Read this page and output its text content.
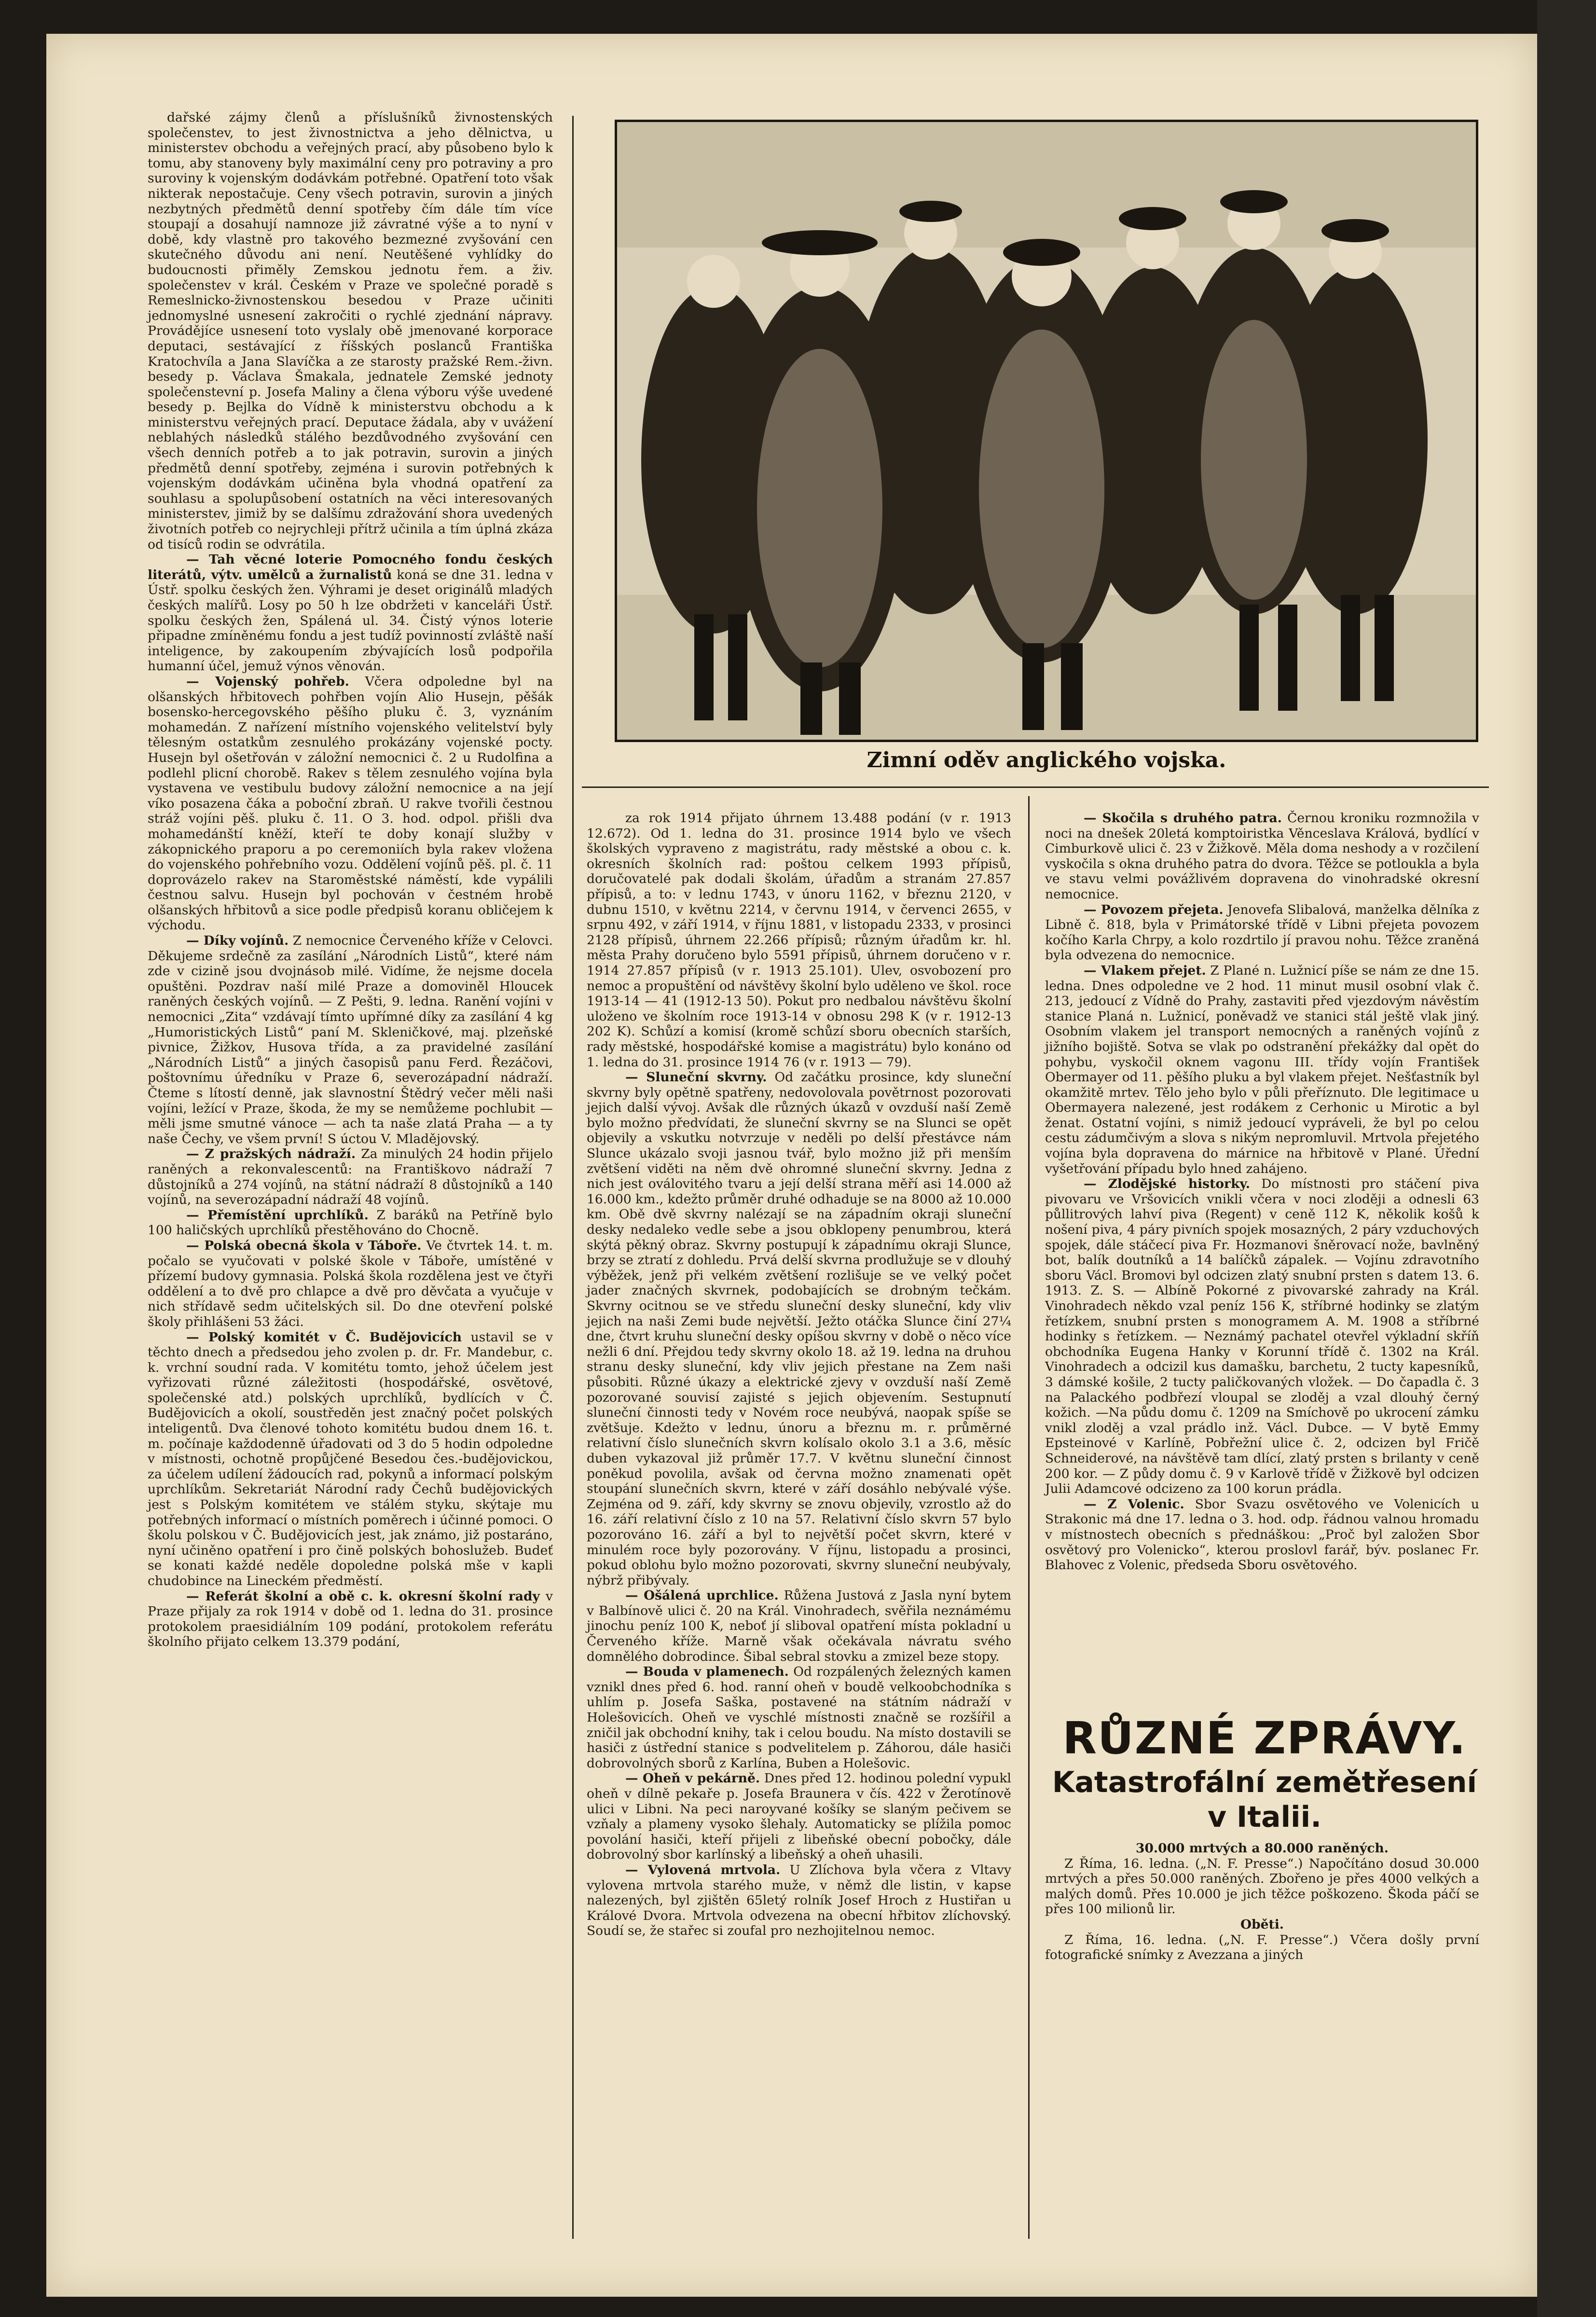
dařské zájmy členů a příslušníků živnostenských společenstev, to jest živnostnictva a jeho dělnictva, u ministerstev obchodu a veřejných prací, aby působeno bylo k tomu, aby stanoveny byly maximální ceny pro potraviny a pro suroviny k vojenským dodávkám potřebné. Opatření toto však nikterak nepostačuje. Ceny všech potravin, surovin a jiných nezbytných předmětů denní spotřeby čím dále tím více stoupají a dosahují namnoze již závratné výše a to nyní v době, kdy vlastně pro takového bezmezné zvyšování cen skutečného důvodu ani není. Neutěšené vyhlídky do budoucnosti přiměly Zemskou jednotu řem. a živ. společenstev v král. Českém v Praze ve společné poradě s Remeslnicko-živnostenskou besedou v Praze učiniti jednomyslné usnesení zakročiti o rychlé zjednání nápravy. Provádějíce usnesení toto vyslaly obě jmenované korporace deputaci, sestávající z říšských poslanců Františka Kratochvíla a Jana Slavíčka a ze starosty pražské Rem.-živn. besedy p. Václava Šmakala, jednatele Zemské jednoty společenstevní p. Josefa Maliny a člena výboru výše uvedené besedy p. Bejlka do Vídně k ministerstvu obchodu a k ministerstvu veřejných prací. Deputace žádala, aby v uvážení neblahých následků stálého bezdůvodného zvyšování cen všech denních potřeb a to jak potravin, surovin a jiných předmětů denní spotřeby, zejména i surovin potřebných k vojenským dodávkám učiněna byla vhodná opatření za souhlasu a spolupůsobení ostatních na věci interesovaných ministerstev, jimiž by se dalšímu zdražování shora uvedených životních potřeb co nejrychleji přítrž učinila a tím úplná zkáza od tisíců rodin se odvrátila.

— Tah věcné loterie Pomocného fondu českých literátů, výtv. umělců a žurnalistů koná se dne 31. ledna v Ústř. spolku českých žen. Výhrami je deset originálů mladých českých malířů. Losy po 50 h lze obdržeti v kanceláři Ústř. spolku českých žen, Spálená ul. 34. Čistý výnos loterie připadne zmíněnému fondu a jest tudíž povinností zvláště naší inteligence, by zakoupením zbývajících losů podpořila humanní účel, jemuž výnos věnován.

— Vojenský pohřeb. Včera odpoledne byl na olšanských hřbitovech pohřben vojín Alio Husejn, pěšák bosensko-hercegovského pěšího pluku č. 3, vyznáním mohamedán. Z nařízení místního vojenského velitelství byly tělesným ostatkům zesnulého prokázány vojenské pocty. Husejn byl ošetřován v záložní nemocnici č. 2 u Rudolfina a podlehl plicní chorobě. Rakev s tělem zesnulého vojína byla vystavena ve vestibulu budovy záložní nemocnice a na její víko posazena čáka a poboční zbraň. U rakve tvořili čestnou stráž vojíni pěš. pluku č. 11. O 3. hod. odpol. přišli dva mohamedánští kněží, kteří te doby konají služby v zákopnického praporu a po ceremoniích byla rakev vložena do vojenského pohřebního vozu. Oddělení vojínů pěš. pl. č. 11 doprovázelo rakev na Staroměstské náměstí, kde vypálili čestnou salvu. Husejn byl pochován v čestném hrobě olšanských hřbitovů a sice podle předpisů koranu obličejem k východu.

— Díky vojínů. Z nemocnice Červeného kříže v Celovci. Děkujeme srdečně za zasílání „Národních Listů“, které nám zde v cizině jsou dvojnásob milé. Vidíme, že nejsme docela opuštěni. Pozdrav naší milé Praze a domoviněl Hloucek raněných českých vojínů. — Z Pešti, 9. ledna. Ranění vojíni v nemocnici „Zita“ vzdávají tímto upřímné díky za zasílání 4 kg „Humoristických Listů“ paní M. Skleničkové, maj. plzeňské pivnice, Žižkov, Husova třída, a za pravidelné zasílání „Národních Listů“ a jiných časopisů panu Ferd. Řezáčovi, poštovnímu úředníku v Praze 6, severozápadní nádraží. Čteme s lítostí denně, jak slavnostní Štědrý večer měli naši vojíni, ležící v Praze, škoda, že my se nemůžeme pochlubit — měli jsme smutné vánoce — ach ta naše zlatá Praha — a ty naše Čechy, ve všem první! S úctou V. Mladějovský.

— Z pražských nádraží. Za minulých 24 hodin přijelo raněných a rekonvalescentů: na Františkovo nádraží 7 důstojníků a 274 vojínů, na státní nádraží 8 důstojníků a 140 vojínů, na severozápadní nádraží 48 vojínů.

— Přemístění uprchlíků. Z baráků na Petříně bylo 100 haličských uprchlíků přestěhováno do Chocně.

— Polská obecná škola v Táboře. Ve čtvrtek 14. t. m. počalo se vyučovati v polské škole v Táboře, umístěné v přízemí budovy gymnasia. Polská škola rozdělena jest ve čtyři oddělení a to dvě pro chlapce a dvě pro děvčata a vyučuje v nich střídavě sedm učitelských sil. Do dne otevření polské školy přihlášeni 53 žáci.

— Polský komitét v Č. Budějovicích ustavil se v těchto dnech a předsedou jeho zvolen p. dr. Fr. Mandebur, c. k. vrchní soudní rada. V komitétu tomto, jehož účelem jest vyřizovati různé záležitosti (hospodářské, osvětové, společenské atd.) polských uprchlíků, bydlících v Č. Budějovicích a okolí, soustředěn jest značný počet polských inteligentů. Dva členové tohoto komitétu budou dnem 16. t. m. počínaje každodenně úřadovati od 3 do 5 hodin odpoledne v místnosti, ochotně propůjčené Besedou čes.-budějovickou, za účelem udílení žádoucích rad, pokynů a informací polským uprchlíkům. Sekretariát Národní rady Čechů budějovických jest s Polským komitétem ve stálém styku, skýtaje mu potřebných informací o místních poměrech i účinné pomoci. O školu polskou v Č. Budějovicích jest, jak známo, již postaráno, nyní učiněno opatření i pro čině polských bohoslužeb. Budeť se konati každé neděle dopoledne polská mše v kapli chudobince na Lineckém předměstí.

— Referát školní a obě c. k. okresní školní rady v Praze přijaly za rok 1914 v době od 1. ledna do 31. prosince protokolem praesidiálním 109 podání, protokolem referátu školního přijato celkem 13.379 podání,

Zimní oděv anglického vojska.

za rok 1914 přijato úhrnem 13.488 podání (v r. 1913 12.672). Od 1. ledna do 31. prosince 1914 bylo ve všech školských vypraveno z magistrátu, rady městské a obou c. k. okresních školních rad: poštou celkem 1993 přípisů, doručovatelé pak dodali školám, úřadům a stranám 27.857 přípisů, a to: v lednu 1743, v únoru 1162, v březnu 2120, v dubnu 1510, v květnu 2214, v červnu 1914, v červenci 2655, v srpnu 492, v září 1914, v říjnu 1881, v listopadu 2333, v prosinci 2128 přípisů, úhrnem 22.266 přípisů; různým úřadům kr. hl. města Prahy doručeno bylo 5591 přípisů, úhrnem doručeno v r. 1914 27.857 přípisů (v r. 1913 25.101). Ulev, osvobození pro nemoc a propuštění od návštěvy školní bylo uděleno ve škol. roce 1913-14 — 41 (1912-13 50). Pokut pro nedbalou návštěvu školní uloženo ve školním roce 1913-14 v obnosu 298 K (v r. 1912-13 202 K). Schůzí a komisí (kromě schůzí sboru obecních starších, rady městské, hospodářské komise a magistrátu) bylo konáno od 1. ledna do 31. prosince 1914 76 (v r. 1913 — 79).

— Sluneční skvrny. Od začátku prosince, kdy sluneční skvrny byly opětně spatřeny, nedovolovala povětrnost pozorovati jejich další vývoj. Avšak dle různých úkazů v ovzduší naší Země bylo možno předvídati, že sluneční skvrny se na Slunci se opět objevily a vskutku notvrzuje v neděli po delší přestávce nám Slunce ukázalo svoji jasnou tvář, bylo možno již při menším zvětšení viděti na něm dvě ohromné sluneční skvrny. Jedna z nich jest oválovitého tvaru a její delší strana měří asi 14.000 až 16.000 km., kdežto průměr druhé odhaduje se na 8000 až 10.000 km. Obě dvě skvrny nalézají se na západním okraji sluneční desky nedaleko vedle sebe a jsou obklopeny penumbrou, která skýtá pěkný obraz. Skvrny postupují k západnímu okraji Slunce, brzy se ztratí z dohledu. Prvá delší skvrna prodlužuje se v dlouhý výběžek, jenž při velkém zvětšení rozlišuje se ve velký počet jader značných skvrnek, podobajících se drobným tečkám. Skvrny ocitnou se ve středu sluneční desky sluneční, kdy vliv jejich na naši Zemi bude největší. Ježto otáčka Slunce činí 27¼ dne, čtvrt kruhu sluneční desky opíšou skvrny v době o něco více nežli 6 dní. Přejdou tedy skvrny okolo 18. až 19. ledna na druhou stranu desky sluneční, kdy vliv jejich přestane na Zem naši působiti. Různé úkazy a elektrické zjevy v ovzduší naší Země pozorované souvisí zajisté s jejich objevením. Sestupnutí sluneční činnosti tedy v Novém roce neubývá, naopak spíše se zvětšuje. Kdežto v lednu, únoru a březnu m. r. průměrné relativní číslo slunečních skvrn kolísalo okolo 3.1 a 3.6, měsíc duben vykazoval již průměr 17.7. V květnu sluneční činnost poněkud povolila, avšak od června možno znamenati opět stoupání slunečních skvrn, které v září dosáhlo nebývalé výše. Zejména od 9. září, kdy skvrny se znovu objevily, vzrostlo až do 16. září relativní číslo z 10 na 57. Relativní číslo skvrn 57 bylo pozorováno 16. září a byl to největší počet skvrn, které v minulém roce byly pozorovány. V říjnu, listopadu a prosinci, pokud oblohu bylo možno pozorovati, skvrny sluneční neubývaly, nýbrž přibývaly.

— Ošálená uprchlice. Růžena Justová z Jasla nyní bytem v Balbínově ulici č. 20 na Král. Vinohradech, svěřila neznámému jinochu peníz 100 K, neboť jí sliboval opatření místa pokladní u Červeného kříže. Marně však očekávala návratu svého domnělého dobrodince. Šibal sebral stovku a zmizel beze stopy.

— Bouda v plamenech. Od rozpálených železných kamen vznikl dnes před 6. hod. ranní oheň v boudě velkoobchodníka s uhlím p. Josefa Saška, postavené na státním nádraží v Holešovicích. Oheň ve vyschlé místnosti značně se rozšířil a zničil jak obchodní knihy, tak i celou boudu. Na místo dostavili se hasiči z ústřední stanice s podvelitelem p. Záhorou, dále hasiči dobrovolných sborů z Karlína, Buben a Holešovic.

— Oheň v pekárně. Dnes před 12. hodinou polední vypukl oheň v dílně pekaře p. Josefa Braunera v čís. 422 v Žerotínově ulici v Libni. Na peci naroyvané košíky se slaným pečivem se vzňaly a plameny vysoko šlehaly. Automaticky se plížila pomoc povolání hasiči, kteří přijeli z libeňské obecní pobočky, dále dobrovolný sbor karlínský a libeňský a oheň uhasili.

— Vylovená mrtvola. U Zlíchova byla včera z Vltavy vylovena mrtvola starého muže, v němž dle listin, v kapse nalezených, byl zjištěn 65letý rolník Josef Hroch z Hustiřan u Králové Dvora. Mrtvola odvezena na obecní hřbitov zlíchovský. Soudí se, že stařec si zoufal pro nezhojitelnou nemoc.

— Skočila s druhého patra. Černou kroniku rozmnožila v noci na dnešek 20letá komptoiristka Věnceslava Králová, bydlící v Cimburkově ulici č. 23 v Žižkově. Měla doma neshody a v rozčilení vyskočila s okna druhého patra do dvora. Těžce se potloukla a byla ve stavu velmi povážlivém dopravena do vinohradské okresní nemocnice.

— Povozem přejeta. Jenovefa Slibalová, manželka dělníka z Libně č. 818, byla v Primátorské třídě v Libni přejeta povozem kočího Karla Chrpy, a kolo rozdrtilo jí pravou nohu. Těžce zraněná byla odvezena do nemocnice.

— Vlakem přejet. Z Plané n. Lužnicí píše se nám ze dne 15. ledna. Dnes odpoledne ve 2 hod. 11 minut musil osobní vlak č. 213, jedoucí z Vídně do Prahy, zastaviti před vjezdovým návěstím stanice Planá n. Lužnicí, poněvadž ve stanici stál ještě vlak jiný. Osobním vlakem jel transport nemocných a raněných vojínů z jižního bojiště. Sotva se vlak po odstranění překážky dal opět do pohybu, vyskočil oknem vagonu III. třídy vojín František Obermayer od 11. pěšího pluku a byl vlakem přejet. Nešťastník byl okamžitě mrtev. Tělo jeho bylo v půli přeříznuto. Dle legitimace u Obermayera nalezené, jest rodákem z Cerhonic u Mirotic a byl ženat. Ostatní vojíni, s nimiž jedoucí vypráveli, že byl po celou cestu zádumčivým a slova s nikým nepromluvil. Mrtvola přejetého vojína byla dopravena do márnice na hřbitově v Plané. Úřední vyšetřování případu bylo hned zahájeno.

— Zlodějské historky. Do místnosti pro stáčení piva pivovaru ve Vršovicích vnikli včera v noci zloději a odnesli 63 půllitrových lahví piva (Regent) v ceně 112 K, několik košů k nošení piva, 4 páry pivních spojek mosazných, 2 páry vzduchových spojek, dále stáčecí piva Fr. Hozmanovi šněrovací nože, bavlněný bot, balík doutníků a 14 balíčků zápalek. — Vojínu zdravotního sboru Václ. Bromovi byl odcizen zlatý snubní prsten s datem 13. 6. 1913. Z. S. — Albíně Pokorné z pivovarské zahrady na Král. Vinohradech někdo vzal peníz 156 K, stříbrné hodinky se zlatým řetízkem, snubní prsten s monogramem A. M. 1908 a stříbrné hodinky s řetízkem. — Neznámý pachatel otevřel výkladní skříň obchodníka Eugena Hanky v Korunní třídě č. 1302 na Král. Vinohradech a odcizil kus damašku, barchetu, 2 tucty kapesníků, 3 dámské košile, 2 tucty paličkovaných vložek. — Do čapadla č. 3 na Palackého podbřezí vloupal se zloděj a vzal dlouhý černý kožich. —Na půdu domu č. 1209 na Smíchově po ukrocení zámku vnikl zloděj a vzal prádlo inž. Václ. Dubce. — V bytě Emmy Epsteinové v Karlíně, Pobřežní ulice č. 2, odcizen byl Fričě Schneiderové, na návštěvě tam dlící, zlatý prsten s brilanty v ceně 200 kor. — Z půdy domu č. 9 v Karlově třídě v Žižkově byl odcizen Julii Adamcové odcizeno za 100 korun prádla.

— Z Volenic. Sbor Svazu osvětového ve Volenicích u Strakonic má dne 17. ledna o 3. hod. odp. řádnou valnou hromadu v místnostech obecních s přednáškou: „Proč byl založen Sbor osvětový pro Volenicko“, kterou proslovl farář, býv. poslanec Fr. Blahovec z Volenic, předseda Sboru osvětového.

RŮZNÉ ZPRÁVY.
Katastrofální zemětřesení v Italii.

30.000 mrtvých a 80.000 raněných.

Z Říma, 16. ledna. („N. F. Presse“.) Napočítáno dosud 30.000 mrtvých a přes 50.000 raněných. Zbořeno je přes 4000 velkých a malých domů. Přes 10.000 je jich těžce poškozeno. Škoda páčí se přes 100 milionů lir.

Oběti.

Z Říma, 16. ledna. („N. F. Presse“.) Včera došly první fotografické snímky z Avezzana a jiných
